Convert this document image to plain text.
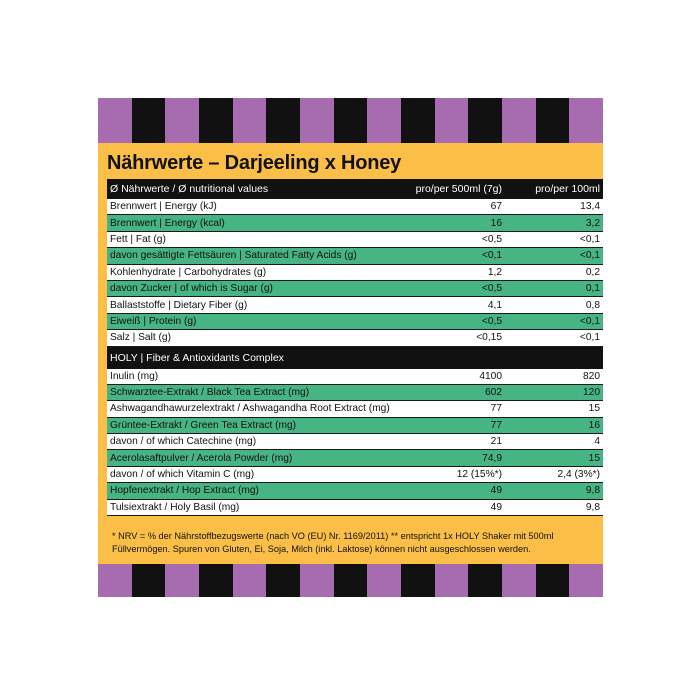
Nährwerte – Darjeeling x Honey
Ø Nährwerte / Ø nutritional values	pro/per 500ml (7g)	pro/per 100ml
Brennwert | Energy (kJ)	67	13,4
Brennwert | Energy (kcal)	16	3,2
Fett | Fat (g)	<0,5	<0,1
davon gesättigte Fettsäuren | Saturated Fatty Acids (g)	<0,1	<0,1
Kohlenhydrate | Carbohydrates (g)	1,2	0,2
davon Zucker | of which is Sugar (g)	<0,5	0,1
Ballaststoffe | Dietary Fiber (g)	4,1	0,8
Eiweiß | Protein (g)	<0,5	<0,1
Salz | Salt (g)	<0,15	<0,1
HOLY | Fiber & Antioxidants Complex
Inulin (mg)	4100	820
Schwarztee-Extrakt / Black Tea Extract (mg)	602	120
Ashwagandhawurzelextrakt / Ashwagandha Root Extract (mg)	77	15
Grüntee-Extrakt / Green Tea Extract (mg)	77	16
davon / of which Catechine (mg)	21	4
Acerolasaftpulver / Acerola Powder (mg)	74,9	15
davon / of which Vitamin C (mg)	12 (15%*)	2,4 (3%*)
Hopfenextrakt / Hop Extract (mg)	49	9,8
Tulsiextrakt / Holy Basil (mg)	49	9,8
* NRV = % der Nährstoffbezugswerte (nach VO (EU) Nr. 1169/2011) ** entspricht 1x HOLY Shaker mit 500ml
Füllvermögen. Spuren von Gluten, Ei, Soja, Milch (inkl. Laktose) können nicht ausgeschlossen werden.
